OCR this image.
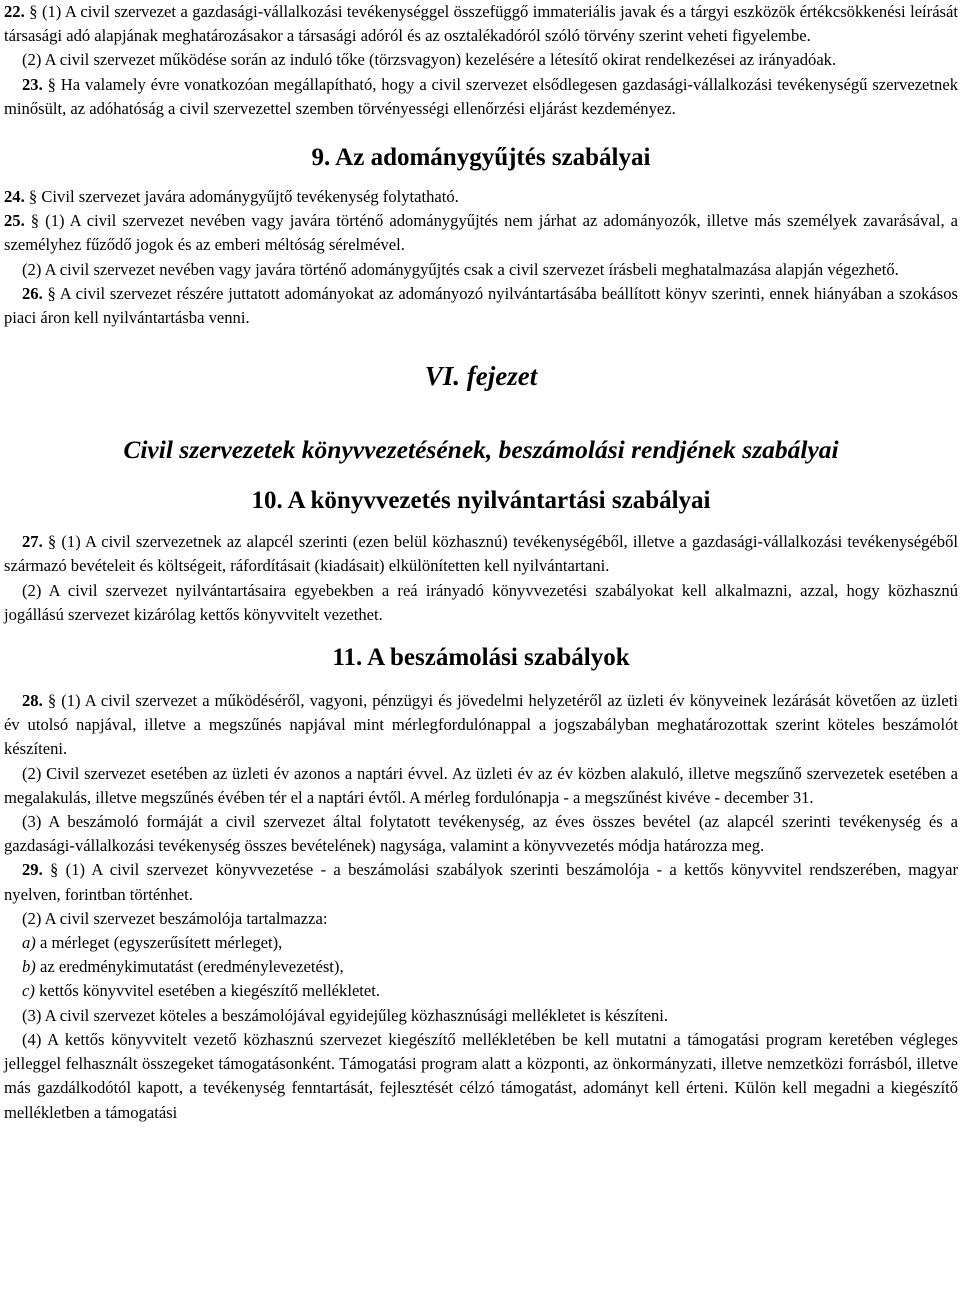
22. § (1) A civil szervezet a gazdasági-vállalkozási tevékenységgel összefüggő immateriális javak és a tárgyi eszközök értékcsökkenési leírását társasági adó alapjának meghatározásakor a társasági adóról és az osztalékadóról szóló törvény szerint veheti figyelembe.

(2) A civil szervezet működése során az induló tőke (törzsvagyon) kezelésére a létesítő okirat rendelkezései az irányadóak.

23. § Ha valamely évre vonatkozóan megállapítható, hogy a civil szervezet elsődlegesen gazdasági-vállalkozási tevékenységű szervezetnek minősült, az adóhatóság a civil szervezettel szemben törvényességi ellenőrzési eljárást kezdeményez.

9. Az adománygyűjtés szabályai

24. § Civil szervezet javára adománygyűjtő tevékenység folytatható.

25. § (1) A civil szervezet nevében vagy javára történő adománygyűjtés nem járhat az adományozók, illetve más személyek zavarásával, a személyhez fűződő jogok és az emberi méltóság sérelmével.

(2) A civil szervezet nevében vagy javára történő adománygyűjtés csak a civil szervezet írásbeli meghatalmazása alapján végezhető.

26. § A civil szervezet részére juttatott adományokat az adományozó nyilvántartásába beállított könyv szerinti, ennek hiányában a szokásos piaci áron kell nyilvántartásba venni.

VI. fejezet
Civil szervezetek könyvvezetésének, beszámolási rendjének szabályai
10. A könyvvezetés nyilvántartási szabályai

27. § (1) A civil szervezetnek az alapcél szerinti (ezen belül közhasznú) tevékenységéből, illetve a gazdasági-vállalkozási tevékenységéből származó bevételeit és költségeit, ráfordításait (kiadásait) elkülönítetten kell nyilvántartani.

(2) A civil szervezet nyilvántartásaira egyebekben a reá irányadó könyvvezetési szabályokat kell alkalmazni, azzal, hogy közhasznú jogállású szervezet kizárólag kettős könyvvitelt vezethet.

11. A beszámolási szabályok

28. § (1) A civil szervezet a működéséről, vagyoni, pénzügyi és jövedelmi helyzetéről az üzleti év könyveinek lezárását követően az üzleti év utolsó napjával, illetve a megszűnés napjával mint mérlegfordulónappal a jogszabályban meghatározottak szerint köteles beszámolót készíteni.

(2) Civil szervezet esetében az üzleti év azonos a naptári évvel. Az üzleti év az év közben alakuló, illetve megszűnő szervezetek esetében a megalakulás, illetve megszűnés évében tér el a naptári évtől. A mérleg fordulónapja - a megszűnést kivéve - december 31.

(3) A beszámoló formáját a civil szervezet által folytatott tevékenység, az éves összes bevétel (az alapcél szerinti tevékenység és a gazdasági-vállalkozási tevékenység összes bevételének) nagysága, valamint a könyvvezetés módja határozza meg.

29. § (1) A civil szervezet könyvvezetése - a beszámolási szabályok szerinti beszámolója - a kettős könyvvitel rendszerében, magyar nyelven, forintban történhet.

(2) A civil szervezet beszámolója tartalmazza:

a) a mérleget (egyszerűsített mérleget),

b) az eredménykimutatást (eredménylevezetést),

c) kettős könyvvitel esetében a kiegészítő mellékletet.

(3) A civil szervezet köteles a beszámolójával egyidejűleg közhasznúsági mellékletet is készíteni.

(4) A kettős könyvvitelt vezető közhasznú szervezet kiegészítő mellékletében be kell mutatni a támogatási program keretében végleges jelleggel felhasznált összegeket támogatásonként. Támogatási program alatt a központi, az önkormányzati, illetve nemzetközi forrásból, illetve más gazdálkodótól kapott, a tevékenység fenntartását, fejlesztését célzó támogatást, adományt kell érteni. Külön kell megadni a kiegészítő mellékletben a támogatási
